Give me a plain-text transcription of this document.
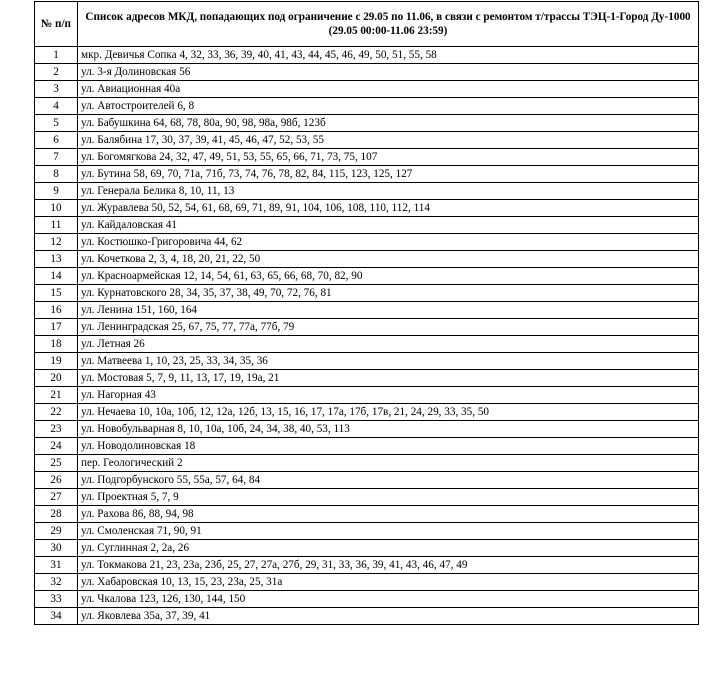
№ п/п	Список адресов МКД, попадающих под ограничение с 29.05 по 11.06, в связи с ремонтом т/трассы ТЭЦ-1-Город Ду-1000 (29.05 00:00-11.06 23:59)
1	мкр. Девичья Сопка 4, 32, 33, 36, 39, 40, 41, 43, 44, 45, 46, 49, 50, 51, 55, 58
2	ул. 3-я Долиновская 56
3	ул. Авиационная 40а
4	ул. Автостроителей 6, 8
5	ул. Бабушкина 64, 68, 78, 80а, 90, 98, 98а, 98б, 123б
6	ул. Балябина 17, 30, 37, 39, 41, 45, 46, 47, 52, 53, 55
7	ул. Богомягкова 24, 32, 47, 49, 51, 53, 55, 65, 66, 71, 73, 75, 107
8	ул. Бутина 58, 69, 70, 71а, 71б, 73, 74, 76, 78, 82, 84, 115, 123, 125, 127
9	ул. Генерала Белика 8, 10, 11, 13
10	ул. Журавлева 50, 52, 54, 61, 68, 69, 71, 89, 91, 104, 106, 108, 110, 112, 114
11	ул. Кайдаловская 41
12	ул. Костюшко-Григоровича 44, 62
13	ул. Кочеткова 2, 3, 4, 18, 20, 21, 22, 50
14	ул. Красноармейская 12, 14, 54, 61, 63, 65, 66, 68, 70, 82, 90
15	ул. Курнатовского 28, 34, 35, 37, 38, 49, 70, 72, 76, 81
16	ул. Ленина 151, 160, 164
17	ул. Ленинградская 25, 67, 75, 77, 77а, 77б, 79
18	ул. Летная 26
19	ул. Матвеева 1, 10, 23, 25, 33, 34, 35, 36
20	ул. Мостовая 5, 7, 9, 11, 13, 17, 19, 19а, 21
21	ул. Нагорная 43
22	ул. Нечаева 10, 10а, 10б, 12, 12а, 12б, 13, 15, 16, 17, 17а, 17б, 17в, 21, 24, 29, 33, 35, 50
23	ул. Новобульварная 8, 10, 10а, 10б, 24, 34, 38, 40, 53, 113
24	ул. Новодолиновская 18
25	пер. Геологический 2
26	ул. Подгорбунского 55, 55а, 57, 64, 84
27	ул. Проектная 5, 7, 9
28	ул. Рахова 86, 88, 94, 98
29	ул. Смоленская 71, 90, 91
30	ул. Суглинная 2, 2а, 26
31	ул. Токмакова 21, 23, 23а, 23б, 25, 27, 27а, 27б, 29, 31, 33, 36, 39, 41, 43, 46, 47, 49
32	ул. Хабаровская 10, 13, 15, 23, 23а, 25, 31а
33	ул. Чкалова 123, 126, 130, 144, 150
34	ул. Яковлева 35а, 37, 39, 41
